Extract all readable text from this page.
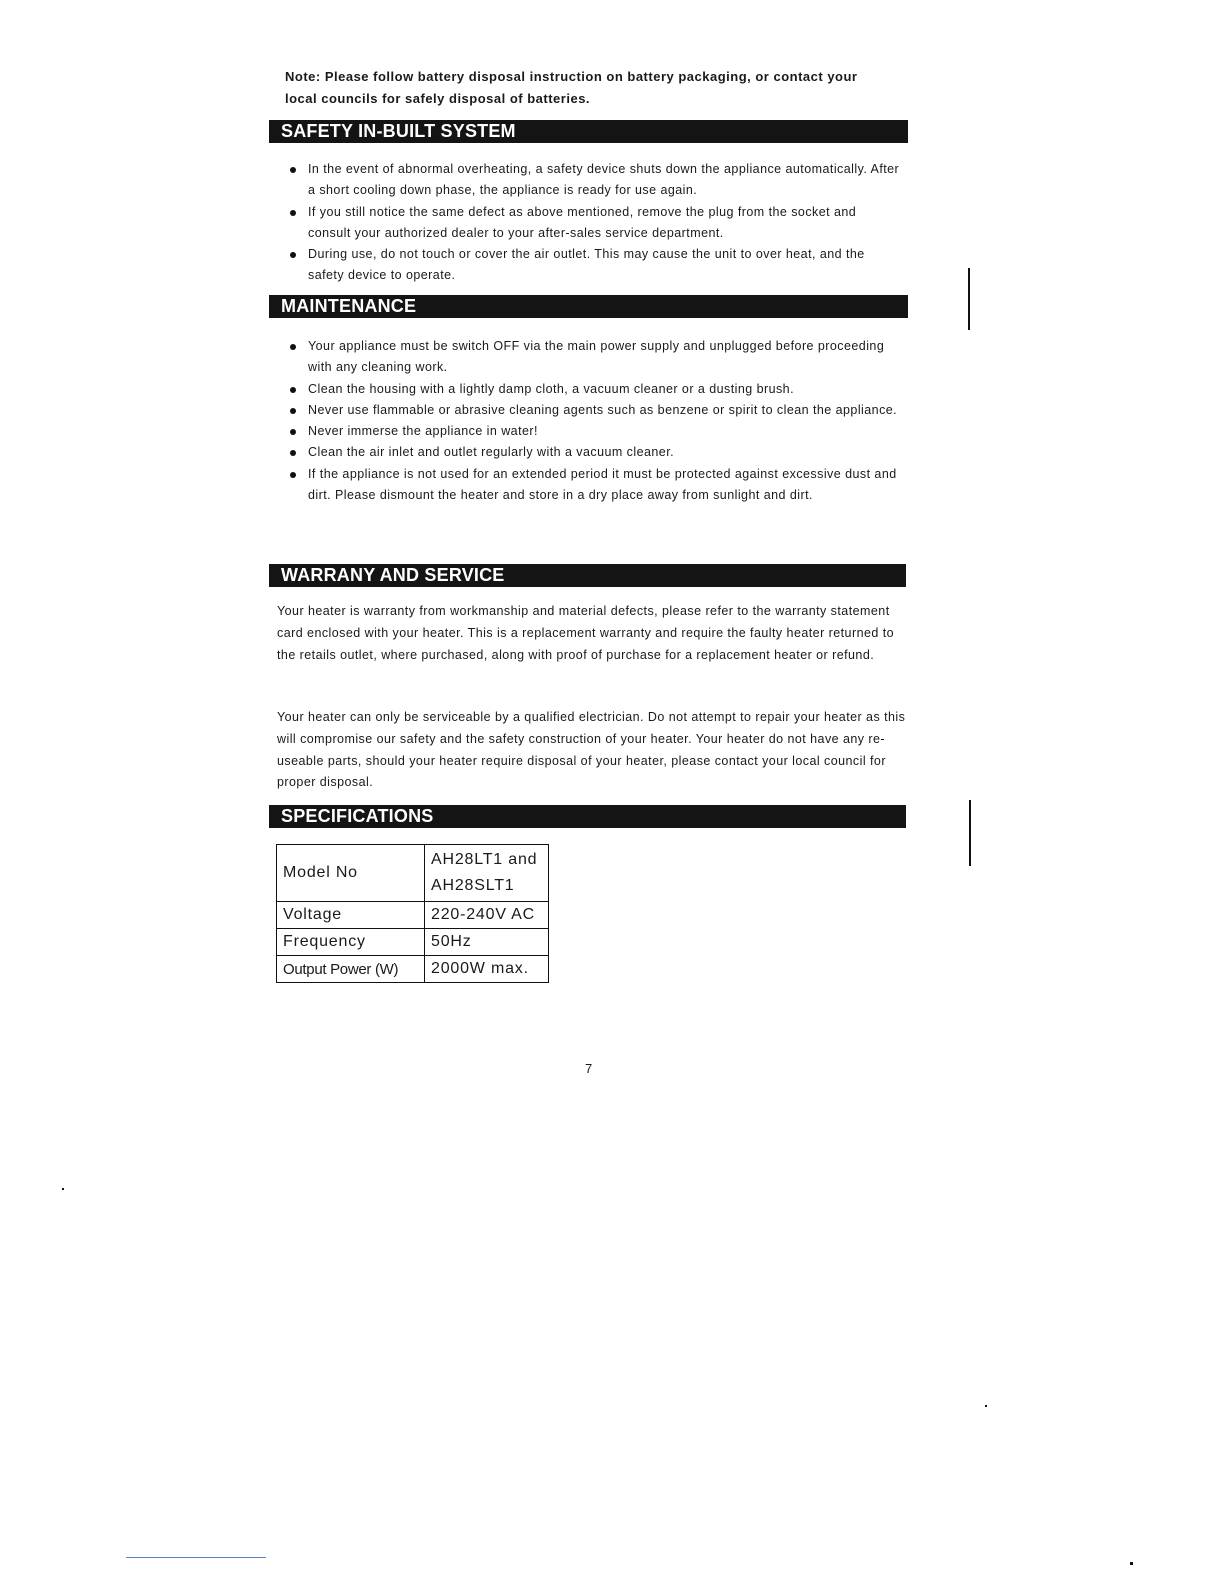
Note: Please follow battery disposal instruction on battery packaging, or contact your
local councils for safely disposal of batteries.
SAFETY IN-BUILT SYSTEM
In the event of abnormal overheating, a safety device shuts down the appliance automatically. After a short cooling down phase, the appliance is ready for use again.
If you still notice the same defect as above mentioned, remove the plug from the socket and consult your authorized dealer to your after-sales service department.
During use, do not touch or cover the air outlet. This may cause the unit to over heat, and the safety device to operate.
MAINTENANCE
Your appliance must be switch OFF via the main power supply and unplugged before proceeding with any cleaning work.
Clean the housing with a lightly damp cloth, a vacuum cleaner or a dusting brush.
Never use flammable or abrasive cleaning agents such as benzene or spirit to clean the appliance.
Never immerse the appliance in water!
Clean the air inlet and outlet regularly with a vacuum cleaner.
If the appliance is not used for an extended period it must be protected against excessive dust and dirt. Please dismount the heater and store in a dry place away from sunlight and dirt.
WARRANY AND SERVICE

Your heater is warranty from workmanship and material defects, please refer to the warranty statement card enclosed with your heater. This is a replacement warranty and require the faulty heater returned to the retails outlet, where purchased, along with proof of purchase for a replacement heater or refund.

Your heater can only be serviceable by a qualified electrician. Do not attempt to repair your heater as this will compromise our safety and the safety construction of your heater. Your heater do not have any re-useable parts, should your heater require disposal of your heater, please contact your local council for proper disposal.

SPECIFICATIONS
Model No	AH28LT1 and AH28SLT1
Voltage	220-240V AC
Frequency	50Hz
Output Power (W)	2000W max.
7
